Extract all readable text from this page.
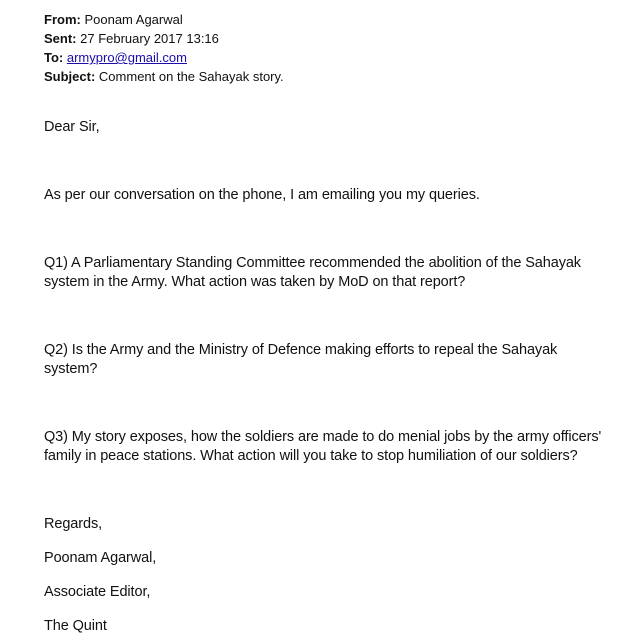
From: Poonam Agarwal
Sent: 27 February 2017 13:16
To: armypro@gmail.com
Subject: Comment on the Sahayak story.

Dear Sir,

As per our conversation on the phone, I am emailing you my queries.

Q1) A Parliamentary Standing Committee recommended the abolition of the Sahayak
system in the Army. What action was taken by MoD on that report?
Q2) Is the Army and the Ministry of Defence making efforts to repeal the Sahayak
system?
Q3) My story exposes, how the soldiers are made to do menial jobs by the army officers'
family in peace stations. What action will you take to stop humiliation of our soldiers?

Regards,

Poonam Agarwal,

Associate Editor,

The Quint
